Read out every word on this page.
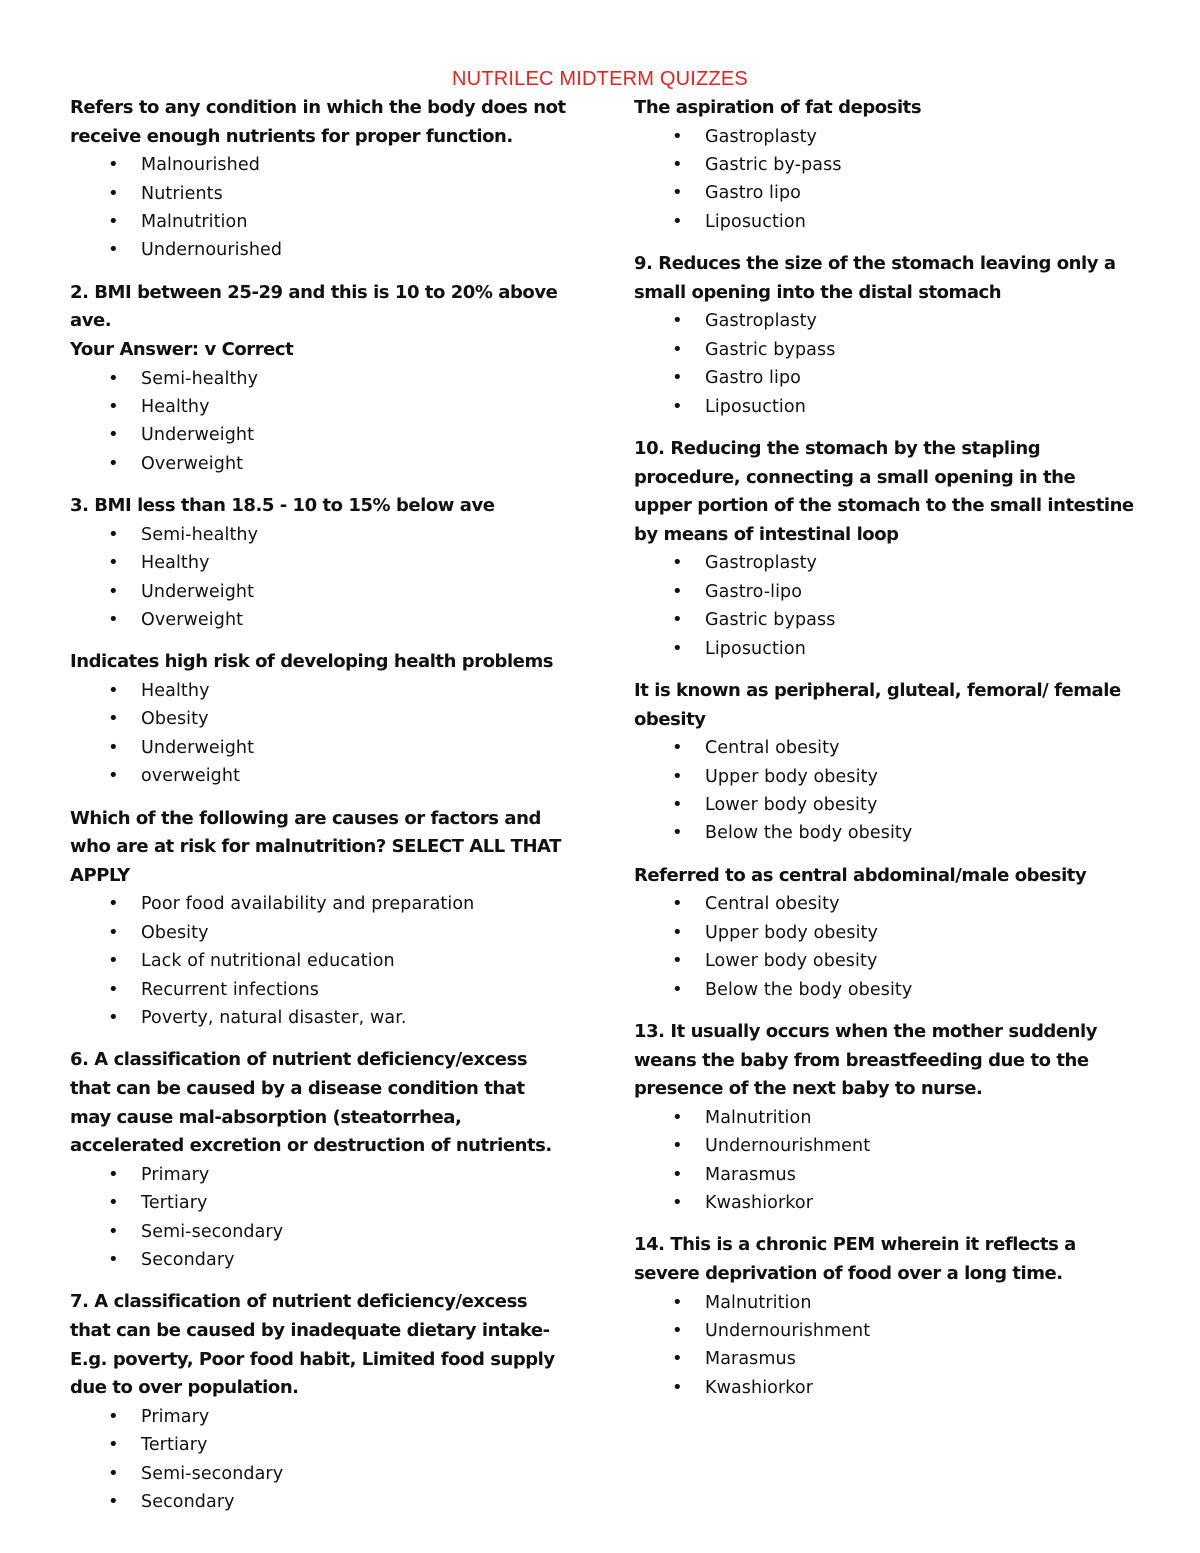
NUTRILEC MIDTERM QUIZZES
Refers to any condition in which the body does not receive enough nutrients for proper function.
• Malnourished
• Nutrients
• Malnutrition
• Undernourished
2. BMI between 25-29 and this is 10 to 20% above ave.
Your Answer: v Correct
• Semi-healthy
• Healthy
• Underweight
• Overweight
3. BMI less than 18.5 - 10 to 15% below ave
• Semi-healthy
• Healthy
• Underweight
• Overweight
Indicates high risk of developing health problems
• Healthy
• Obesity
• Underweight
• overweight
Which of the following are causes or factors and who are at risk for malnutrition? SELECT ALL THAT APPLY
• Poor food availability and preparation
• Obesity
• Lack of nutritional education
• Recurrent infections
• Poverty, natural disaster, war.
6. A classification of nutrient deficiency/excess that can be caused by a disease condition that may cause mal-absorption (steatorrhea, accelerated excretion or destruction of nutrients.
• Primary
• Tertiary
• Semi-secondary
• Secondary
7. A classification of nutrient deficiency/excess that can be caused by inadequate dietary intake-E.g. poverty, Poor food habit, Limited food supply due to over population.
• Primary
• Tertiary
• Semi-secondary
• Secondary
The aspiration of fat deposits
• Gastroplasty
• Gastric by-pass
• Gastro lipo
• Liposuction
9. Reduces the size of the stomach leaving only a small opening into the distal stomach
• Gastroplasty
• Gastric bypass
• Gastro lipo
• Liposuction
10. Reducing the stomach by the stapling procedure, connecting a small opening in the upper portion of the stomach to the small intestine by means of intestinal loop
• Gastroplasty
• Gastro-lipo
• Gastric bypass
• Liposuction
It is known as peripheral, gluteal, femoral/ female obesity
• Central obesity
• Upper body obesity
• Lower body obesity
• Below the body obesity
Referred to as central abdominal/male obesity
• Central obesity
• Upper body obesity
• Lower body obesity
• Below the body obesity
13. It usually occurs when the mother suddenly weans the baby from breastfeeding due to the presence of the next baby to nurse.
• Malnutrition
• Undernourishment
• Marasmus
• Kwashiorkor
14. This is a chronic PEM wherein it reflects a severe deprivation of food over a long time.
• Malnutrition
• Undernourishment
• Marasmus
• Kwashiorkor
